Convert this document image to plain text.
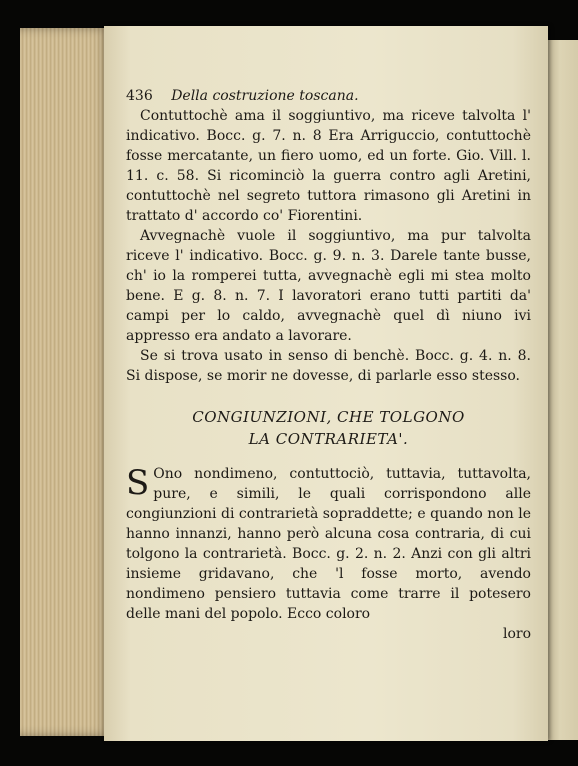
436 Della costruzione toscana.

Contuttochè ama il soggiuntivo, ma riceve talvolta l' indicativo. Bocc. g. 7. n. 8 Era Arriguccio, contuttochè fosse mercatante, un fiero uomo, ed un forte. Gio. Vill. l. 11. c. 58. Si ricominciò la guerra contro agli Aretini, contuttochè nel segreto tuttora rimasono gli Aretini in trattato d' accordo co' Fiorentini.

Avvegnachè vuole il soggiuntivo, ma pur talvolta riceve l' indicativo. Bocc. g. 9. n. 3. Darele tante busse, ch' io la romperei tutta, avvegnachè egli mi stea molto bene. E g. 8. n. 7. I lavoratori erano tutti partiti da' campi per lo caldo, avvegnachè quel dì niuno ivi appresso era andato a lavorare.

Se si trova usato in senso di benchè. Bocc. g. 4. n. 8. Si dispose, se morir ne dovesse, di parlarle esso stesso.

CONGIUNZIONI, CHE TOLGONO
LA CONTRARIETA'.

S Ono nondimeno, contuttociò, tuttavia, tuttavolta, pure, e simili, le quali corrispondono alle congiunzioni di contrarietà sopraddette; e quando non le hanno innanzi, hanno però alcuna cosa contraria, di cui tolgono la contrarietà. Bocc. g. 2. n. 2. Anzi con gli altri insieme gridavano, che 'l fosse morto, avendo nondimeno pensiero tuttavia come trarre il potesero delle mani del popolo. Ecco coloro

loro
